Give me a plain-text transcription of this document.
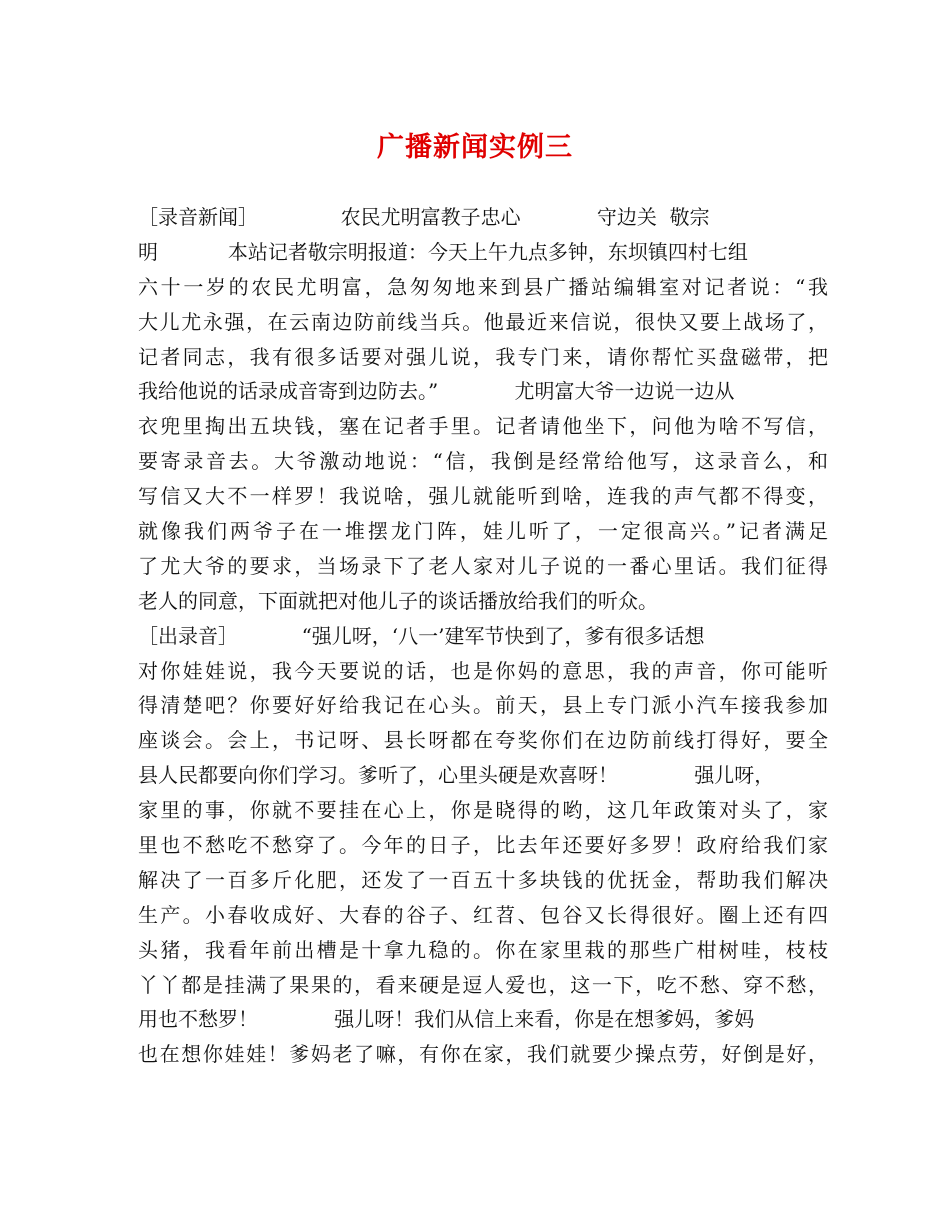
广播新闻实例三
［录音新闻］             农民尤明富教子忠心            守边关  敬宗
明           本站记者敬宗明报道：今天上午九点多钟，东坝镇四村七组
六十一岁的农民尤明富，急匆匆地来到县广播站编辑室对记者说：“我
大儿尤永强，在云南边防前线当兵。他最近来信说，很快又要上战场了，
记者同志，我有很多话要对强儿说，我专门来，请你帮忙买盘磁带，把
我给他说的话录成音寄到边防去。”            尤明富大爷一边说一边从
衣兜里掏出五块钱，塞在记者手里。记者请他坐下，问他为啥不写信，
要寄录音去。大爷激动地说：“信，我倒是经常给他写，这录音么，和
写信又大不一样罗！我说啥，强儿就能听到啥，连我的声气都不得变，
就像我们两爷子在一堆摆龙门阵，娃儿听了，一定很高兴。”记者满足
了尤大爷的要求，当场录下了老人家对儿子说的一番心里话。我们征得
老人的同意，下面就把对他儿子的谈话播放给我们的听众。
［出录音］          “强儿呀，‘八一’建军节快到了，爹有很多话想
对你娃娃说，我今天要说的话，也是你妈的意思，我的声音，你可能听
得清楚吧？你要好好给我记在心头。前天，县上专门派小汽车接我参加
座谈会。会上，书记呀、县长呀都在夸奖你们在边防前线打得好，要全
县人民都要向你们学习。爹听了，心里头硬是欢喜呀！            强儿呀，
家里的事，你就不要挂在心上，你是晓得的哟，这几年政策对头了，家
里也不愁吃不愁穿了。今年的日子，比去年还要好多罗！政府给我们家
解决了一百多斤化肥，还发了一百五十多块钱的优抚金，帮助我们解决
生产。小春收成好、大春的谷子、红苕、包谷又长得很好。圈上还有四
头猪，我看年前出槽是十拿九稳的。你在家里栽的那些广柑树哇，枝枝
丫丫都是挂满了果果的，看来硬是逗人爱也，这一下，吃不愁、穿不愁，
用也不愁罗！            强儿呀！我们从信上来看，你是在想爹妈，爹妈
也在想你娃娃！爹妈老了嘛，有你在家，我们就要少操点劳，好倒是好，
